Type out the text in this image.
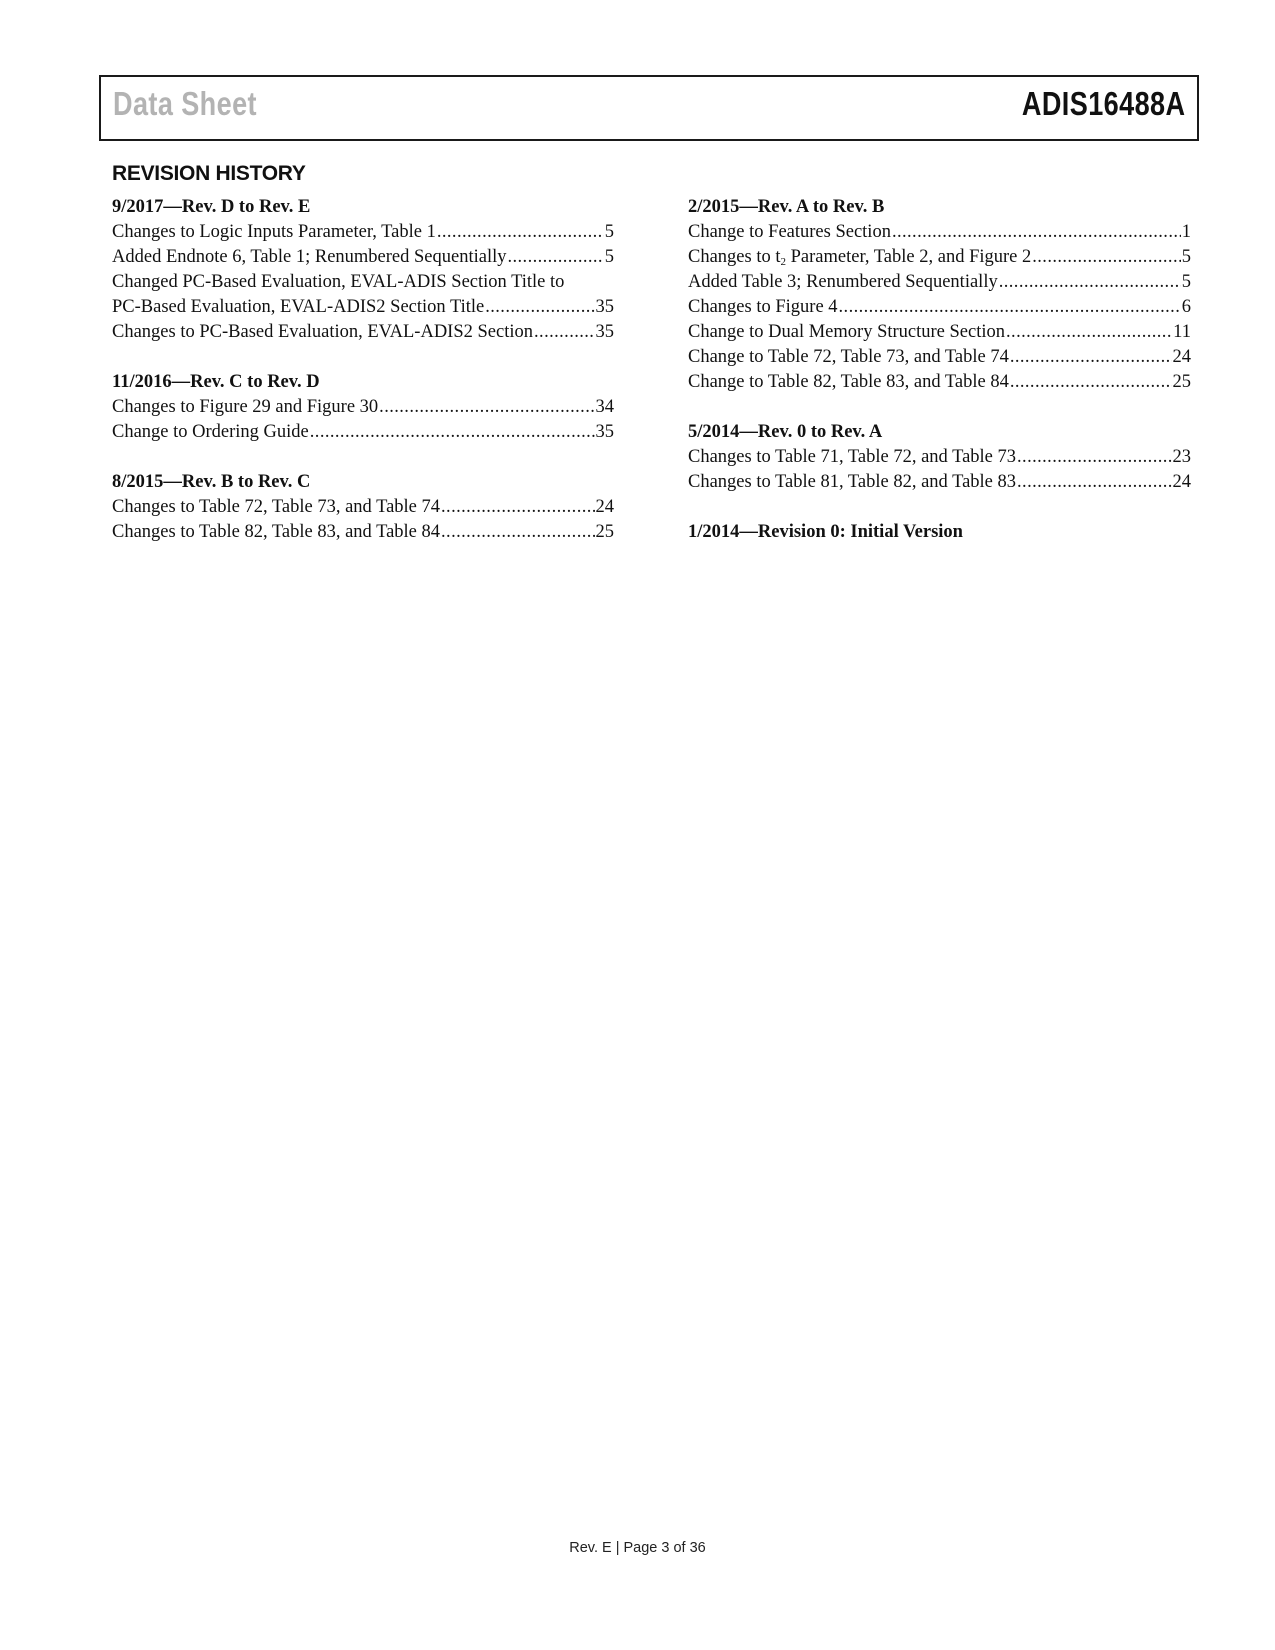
Data Sheet	ADIS16488A
REVISION HISTORY
9/2017—Rev. D to Rev. E
Changes to Logic Inputs Parameter, Table 1 .....	5
Added Endnote 6, Table 1; Renumbered Sequentially .....	5
Changed PC-Based Evaluation, EVAL-ADIS Section Title to
PC-Based Evaluation, EVAL-ADIS2 Section Title .....	35
Changes to PC-Based Evaluation, EVAL-ADIS2 Section .....	35
11/2016—Rev. C to Rev. D
Changes to Figure 29 and Figure 30 .....	34
Change to Ordering Guide .....	35
8/2015—Rev. B to Rev. C
Changes to Table 72, Table 73, and Table 74 .....	24
Changes to Table 82, Table 83, and Table 84 .....	25
2/2015—Rev. A to Rev. B
Change to Features Section .....	1
Changes to t2 Parameter, Table 2, and Figure 2 .....	5
Added Table 3; Renumbered Sequentially .....	5
Changes to Figure 4 .....	6
Change to Dual Memory Structure Section .....	11
Change to Table 72, Table 73, and Table 74 .....	24
Change to Table 82, Table 83, and Table 84 .....	25
5/2014—Rev. 0 to Rev. A
Changes to Table 71, Table 72, and Table 73 .....	23
Changes to Table 81, Table 82, and Table 83 .....	24
1/2014—Revision 0: Initial Version
Rev. E | Page 3 of 36
